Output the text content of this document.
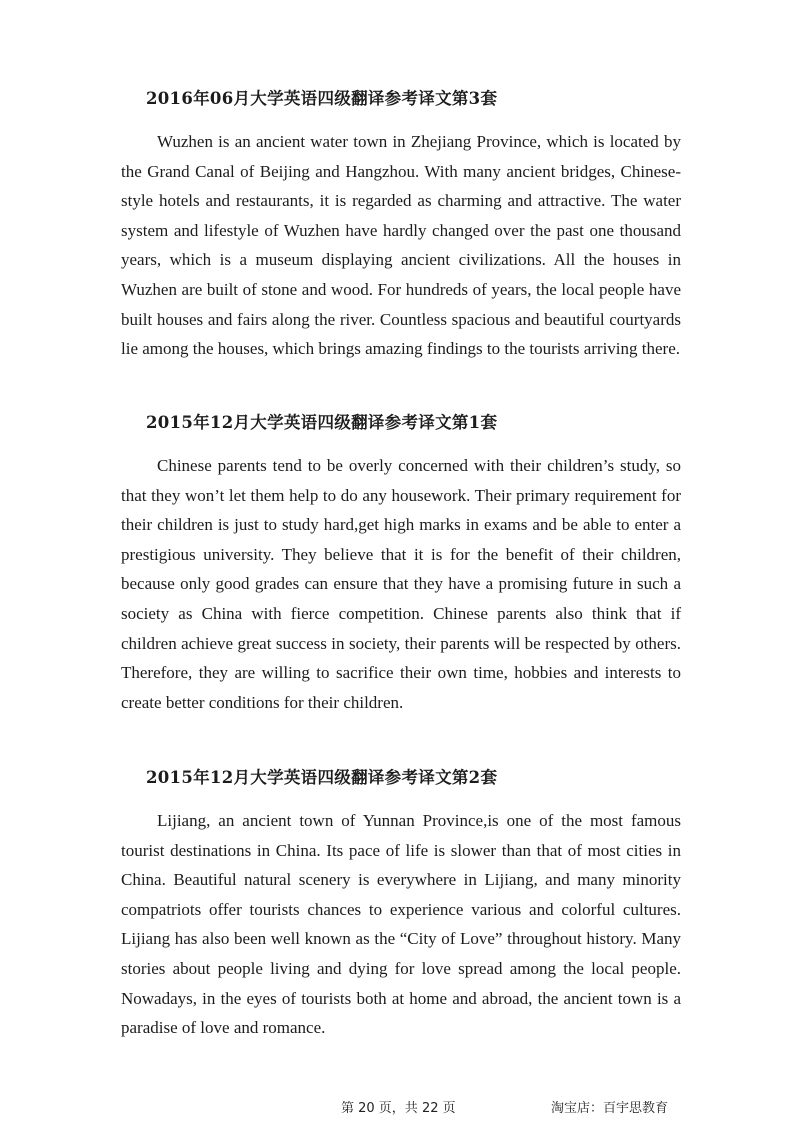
2016年06月大学英语四级翻译参考译文第3套

Wuzhen is an ancient water town in Zhejiang Province, which is located by the Grand Canal of Beijing and Hangzhou. With many ancient bridges, Chinese-style hotels and restaurants, it is regarded as charming and attractive. The water system and lifestyle of Wuzhen have hardly changed over the past one thousand years, which is a museum displaying ancient civilizations. All the houses in Wuzhen are built of stone and wood. For hundreds of years, the local people have built houses and fairs along the river. Countless spacious and beautiful courtyards lie among the houses, which brings amazing findings to the tourists arriving there.

2015年12月大学英语四级翻译参考译文第1套

Chinese parents tend to be overly concerned with their children’s study, so that they won’t let them help to do any housework. Their primary requirement for their children is just to study hard,get high marks in exams and be able to enter a prestigious university. They believe that it is for the benefit of their children, because only good grades can ensure that they have a promising future in such a society as China with fierce competition. Chinese parents also think that if children achieve great success in society, their parents will be respected by others. Therefore, they are willing to sacrifice their own time, hobbies and interests to create better conditions for their children.

2015年12月大学英语四级翻译参考译文第2套

Lijiang, an ancient town of Yunnan Province,is one of the most famous tourist destinations in China. Its pace of life is slower than that of most cities in China. Beautiful natural scenery is everywhere in Lijiang, and many minority compatriots offer tourists chances to experience various and colorful cultures. Lijiang has also been well known as the “City of Love” throughout history. Many stories about people living and dying for love spread among the local people. Nowadays, in the eyes of tourists both at home and abroad, the ancient town is a paradise of love and romance.

第 20 页，共 22 页	淘宝店：百宇思教育
